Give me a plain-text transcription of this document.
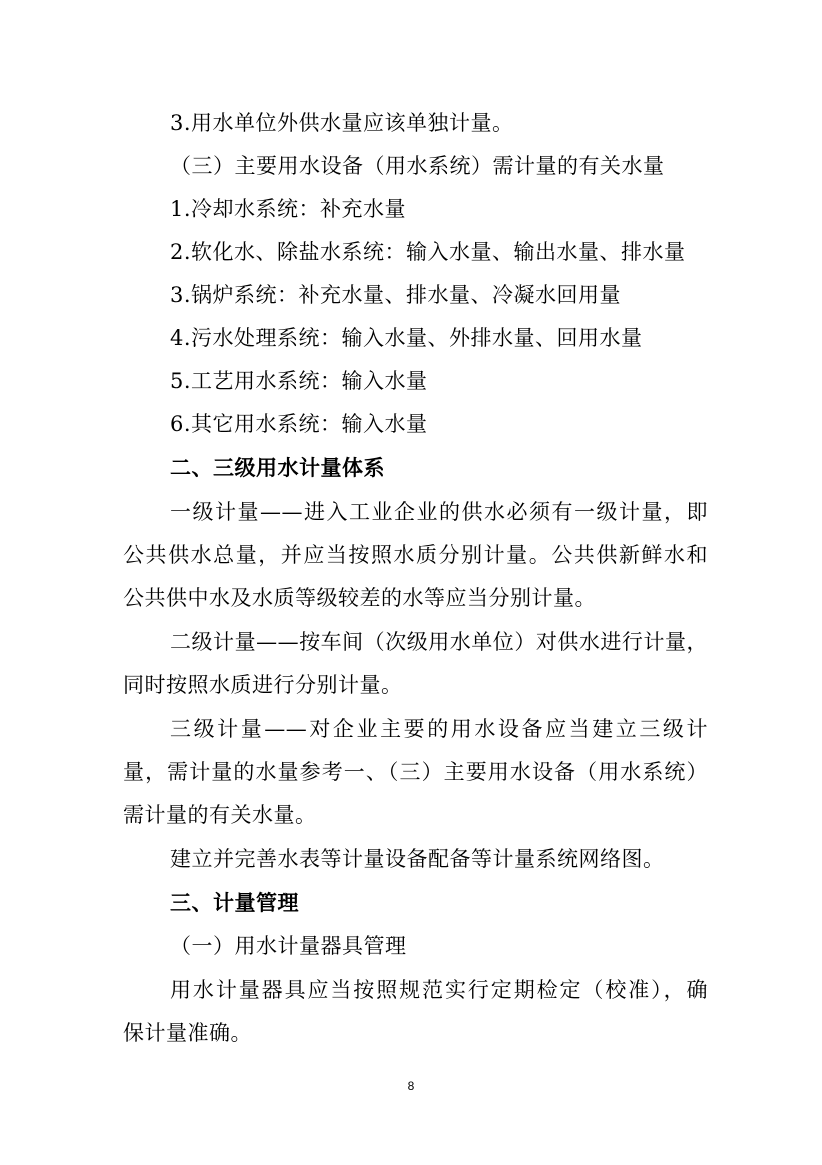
3.用水单位外供水量应该单独计量。
（三）主要用水设备（用水系统）需计量的有关水量
1.冷却水系统：补充水量
2.软化水、除盐水系统：输入水量、输出水量、排水量
3.锅炉系统：补充水量、排水量、冷凝水回用量
4.污水处理系统：输入水量、外排水量、回用水量
5.工艺用水系统：输入水量
6.其它用水系统：输入水量
二、三级用水计量体系
一级计量——进入工业企业的供水必须有一级计量，即
公共供水总量，并应当按照水质分别计量。公共供新鲜水和
公共供中水及水质等级较差的水等应当分别计量。
二级计量——按车间（次级用水单位）对供水进行计量，
同时按照水质进行分别计量。
三级计量——对企业主要的用水设备应当建立三级计
量，需计量的水量参考一、（三）主要用水设备（用水系统）
需计量的有关水量。
建立并完善水表等计量设备配备等计量系统网络图。
三、计量管理
（一）用水计量器具管理
用水计量器具应当按照规范实行定期检定（校准），确
保计量准确。
8
